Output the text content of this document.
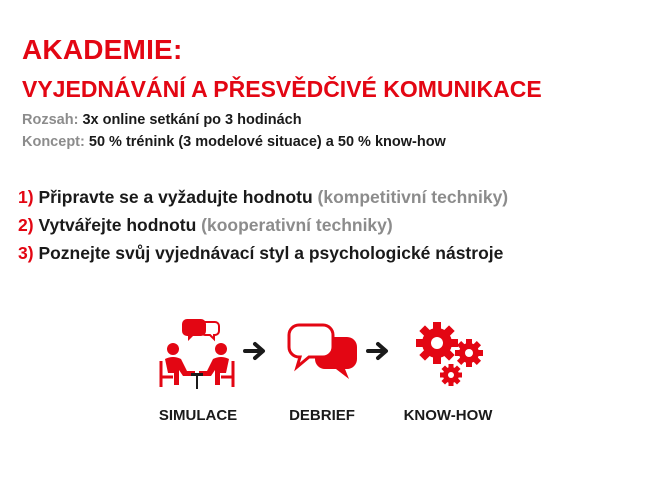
AKADEMIE:
VYJEDNÁVÁNÍ A PŘESVĚDČIVÉ KOMUNIKACE
Rozsah: 3x online setkání po 3 hodinách
Koncept: 50 % trénink (3 modelové situace) a 50 % know-how
1) Připravte se a vyžadujte hodnotu (kompetitivní techniky)
2) Vytvářejte hodnotu (kooperativní techniky)
3) Poznejte svůj vyjednávací styl a psychologické nástroje
SIMULACE	DEBRIEF	KNOW-HOW
